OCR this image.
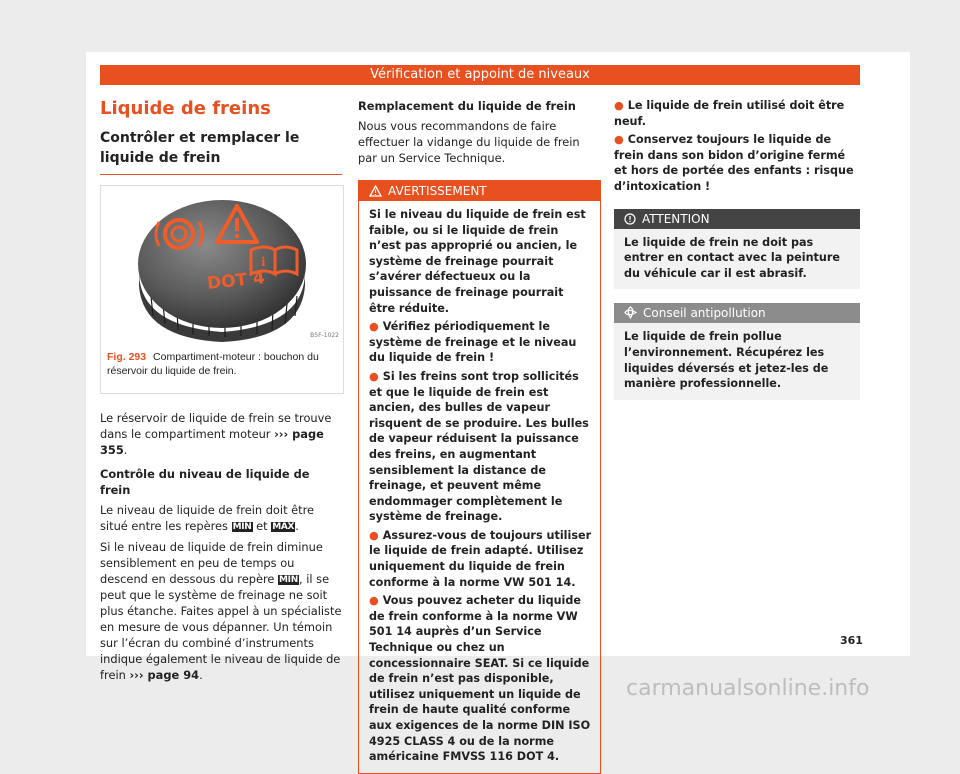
Vérification et appoint de niveaux
Liquide de freins
Contrôler et remplacer le liquide de frein
i
DOT 4
B5F-1022
Fig. 293 Compartiment-moteur : bouchon du réservoir du liquide de frein.

Le réservoir de liquide de frein se trouve dans le compartiment moteur ››› page 355.

Contrôle du niveau de liquide de frein

Le niveau de liquide de frein doit être situé entre les repères MIN et MAX.

Si le niveau de liquide de frein diminue sensiblement en peu de temps ou descend en dessous du repère MIN, il se peut que le système de freinage ne soit plus étanche. Faites appel à un spécialiste en mesure de vous dépanner. Un témoin sur l’écran du combiné d’instruments indique également le niveau de liquide de frein ››› page 94.

Remplacement du liquide de frein

Nous vous recommandons de faire effectuer la vidange du liquide de frein par un Service Technique.

AVERTISSEMENT

Si le niveau du liquide de frein est faible, ou si le liquide de frein n’est pas approprié ou ancien, le système de freinage pourrait s’avérer défectueux ou la puissance de freinage pourrait être réduite.

● Vérifiez périodiquement le système de freinage et le niveau du liquide de frein !

● Si les freins sont trop sollicités et que le liquide de frein est ancien, des bulles de vapeur risquent de se produire. Les bulles de vapeur réduisent la puissance des freins, en augmentant sensiblement la distance de freinage, et peuvent même endommager complètement le système de freinage.

● Assurez-vous de toujours utiliser le liquide de frein adapté. Utilisez uniquement du liquide de frein conforme à la norme VW 501 14.

● Vous pouvez acheter du liquide de frein conforme à la norme VW 501 14 auprès d’un Service Technique ou chez un concessionnaire SEAT. Si ce liquide de frein n’est pas disponible, utilisez uniquement un liquide de frein de haute qualité conforme aux exigences de la norme DIN ISO 4925 CLASS 4 ou de la norme américaine FMVSS 116 DOT 4.

● Le liquide de frein utilisé doit être neuf.

● Conservez toujours le liquide de frein dans son bidon d’origine fermé et hors de portée des enfants : risque d’intoxication !

ATTENTION
Le liquide de frein ne doit pas entrer en contact avec la peinture du véhicule car il est abrasif.
Conseil antipollution
Le liquide de frein pollue l’environnement. Récupérez les liquides déversés et jetez-les de manière professionnelle.
361
carmanualsonline.info
